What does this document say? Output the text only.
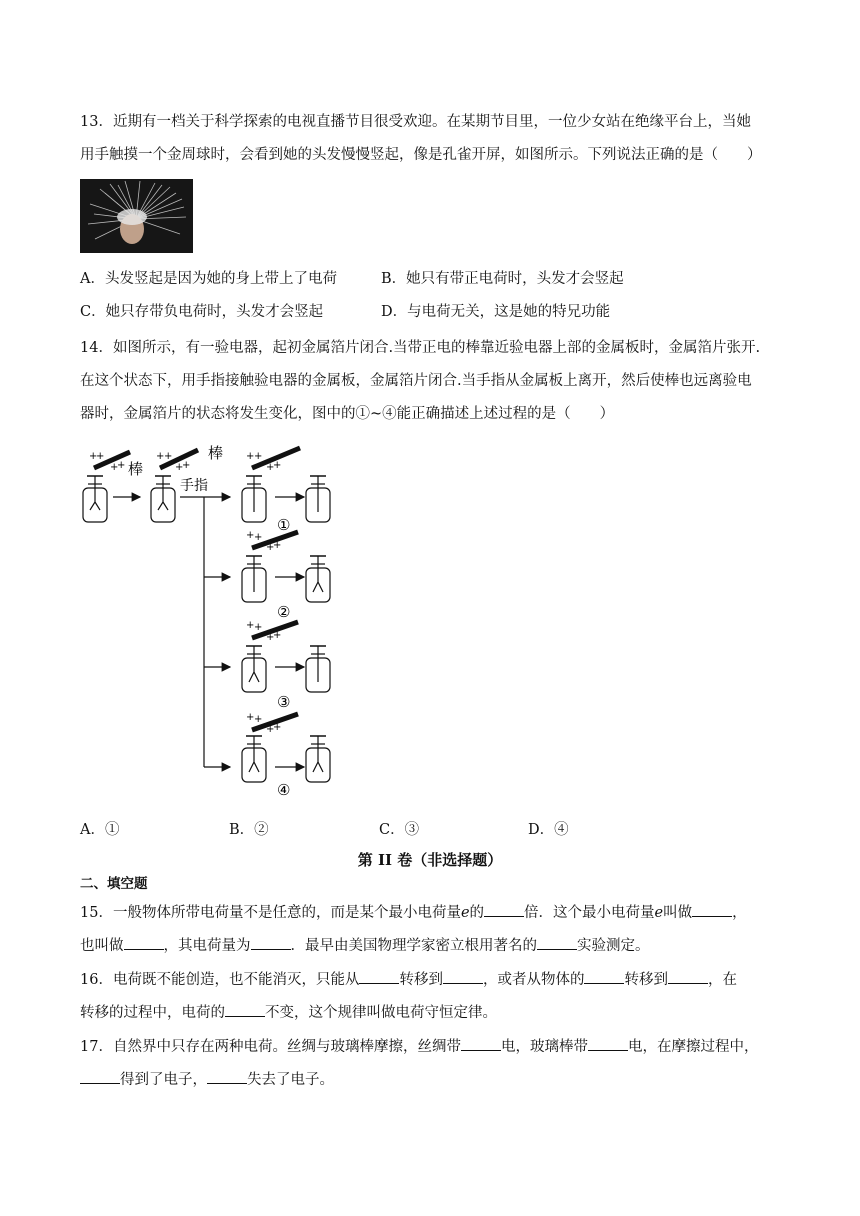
13．近期有一档关于科学探索的电视直播节目很受欢迎。在某期节目里，一位少女站在绝缘平台上，当她
用手触摸一个金周球时，会看到她的头发慢慢竖起，像是孔雀开屏，如图所示。下列说法正确的是（　　）
A．头发竖起是因为她的身上带上了电荷	B．她只有带正电荷时，头发才会竖起
C．她只存带负电荷时，头发才会竖起	D．与电荷无关，这是她的特兄功能
14．如图所示，有一验电器，起初金属箔片闭合.当带正电的棒靠近验电器上部的金属板时，金属箔片张开.
在这个状态下，用手指接触验电器的金属板，金属箔片闭合.当手指从金属板上离开，然后使棒也远离验电
器时，金属箔片的状态将发生变化，图中的①~④能正确描述上述过程的是（　　）
+
+
+
+ 棒
+ +
+
+
棒
手指
+ +
+
+
①
+ +
+
+
②
+ +
+
+
③
+ +
+
+
④
A．①	B．②	C．③	D．④
第 II 卷（非选择题）
二、填空题
15．一般物体所带电荷量不是任意的，而是某个最小电荷量e的	倍．这个最小电荷量e叫做	，
也叫做	，其电荷量为	．最早由美国物理学家密立根用著名的	实验测定。
16．电荷既不能创造，也不能消灭，只能从	转移到	，或者从物体的	转移到	，在
转移的过程中，电荷的	不变，这个规律叫做电荷守恒定律。
17．自然界中只存在两种电荷。丝绸与玻璃棒摩擦，丝绸带	电，玻璃棒带	电，在摩擦过程中，
得到了电子，	失去了电子。
